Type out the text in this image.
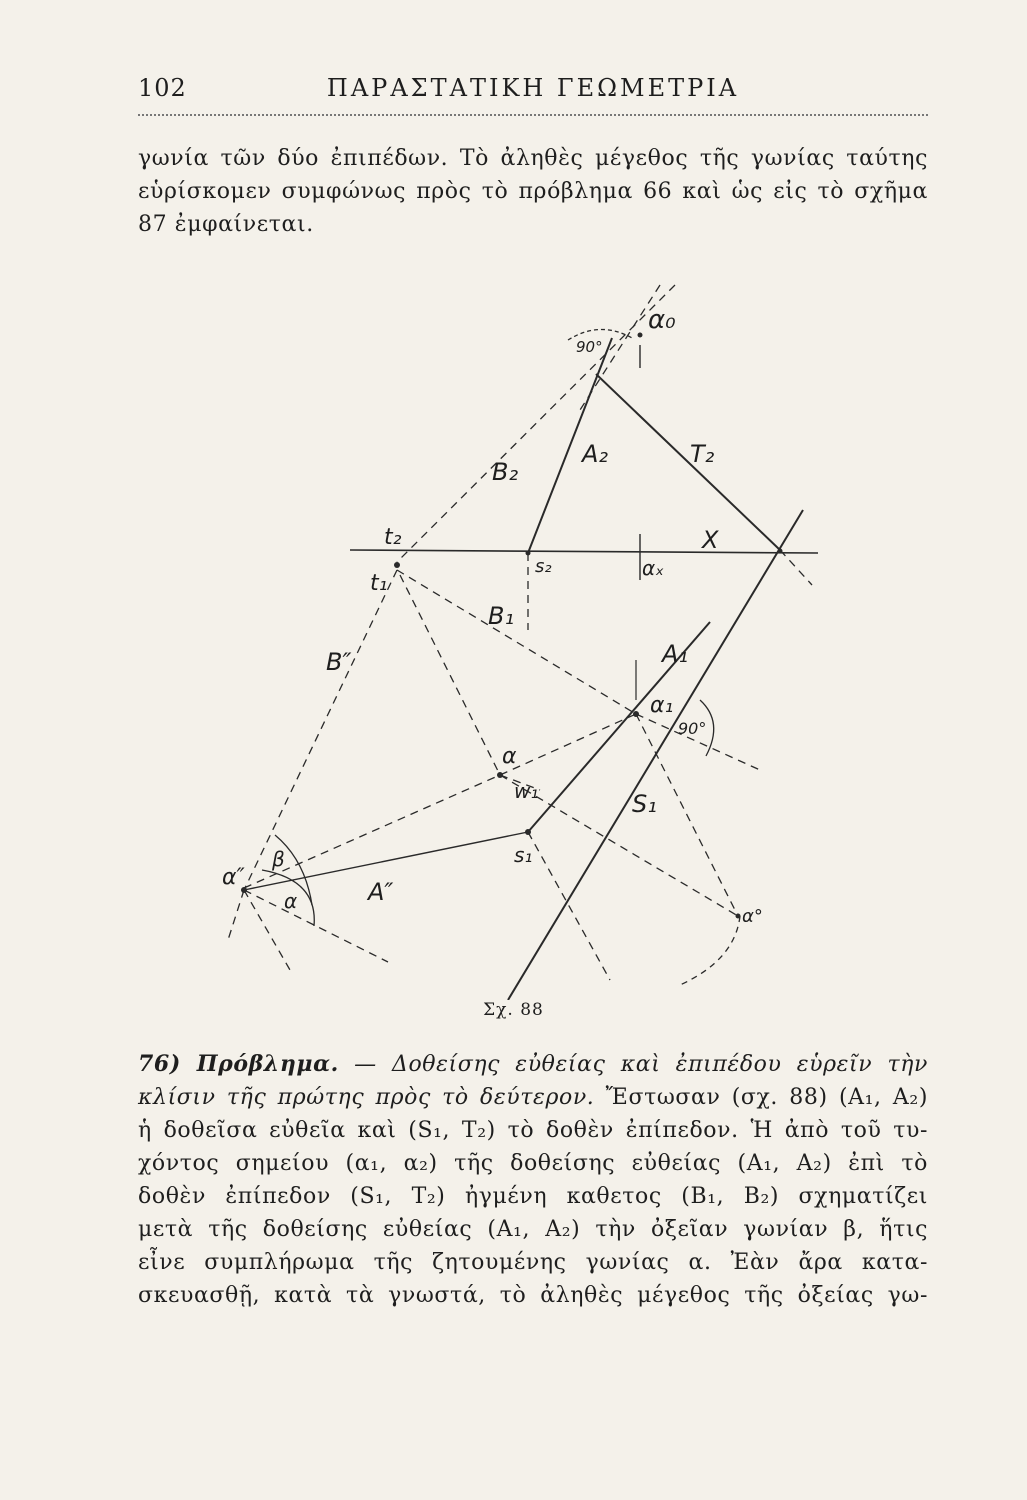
102	ΠΑΡΑΣΤΑΤΙΚΗ ΓΕΩΜΕΤΡΙΑ
γωνία τῶν δύο ἐπιπέδων. Τὸ ἀληθὲς μέγεθος τῆς γωνίας ταύτης
εὑρίσκομεν συμφώνως πρὸς τὸ πρόβλημα 66 καὶ ὡς εἰς τὸ σχῆμα
87 ἐμφαίνεται.
α₀
90°
A₂	T₂
B₂
t₂
t₁
s₂	αₓ
X
B₁
A₁
B″
α₁
90°
α
w₁	S₁
s₁
α″
β
α	A″
α°
Σχ. 88
76) Πρόβλημα. — Δοθείσης εὐθείας καὶ ἐπιπέδου εὑρεῖν τὴν
κλίσιν τῆς πρώτης πρὸς τὸ δεύτερον. Ἔστωσαν (σχ. 88) (A₁, A₂)
ἡ δοθεῖσα εὐθεῖα καὶ (S₁, T₂) τὸ δοθὲν ἐπίπεδον. Ἡ ἀπὸ τοῦ τυ-
χόντος σημείου (α₁, α₂) τῆς δοθείσης εὐθείας (A₁, A₂) ἐπὶ τὸ
δοθὲν ἐπίπεδον (S₁, T₂) ἠγμένη καθετος (B₁, B₂) σχηματίζει
μετὰ τῆς δοθείσης εὐθείας (A₁, A₂) τὴν ὀξεῖαν γωνίαν β, ἥτις
εἶνε συμπλήρωμα τῆς ζητουμένης γωνίας α. Ἐὰν ἄρα κατα-
σκευασθῇ, κατὰ τὰ γνωστά, τὸ ἀληθὲς μέγεθος τῆς ὀξείας γω-
